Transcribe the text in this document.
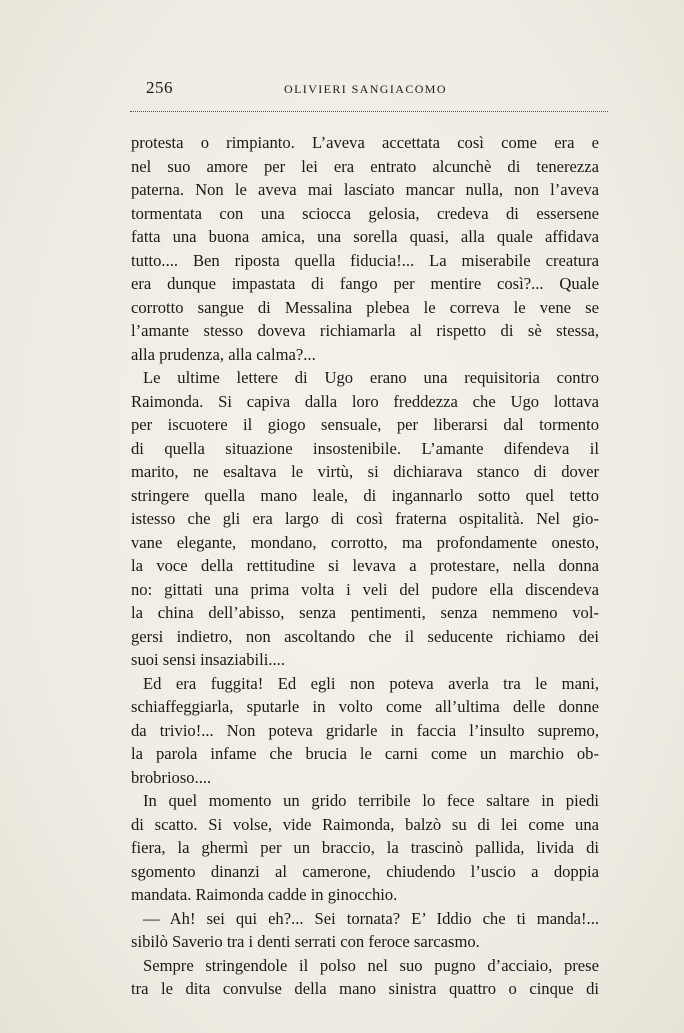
256	OLIVIERI SANGIACOMO
protesta o rimpianto. L’aveva accettata così come era e
nel suo amore per lei era entrato alcunchè di tenerezza
paterna. Non le aveva mai lasciato mancar nulla, non l’aveva
tormentata con una sciocca gelosia, credeva di essersene
fatta una buona amica, una sorella quasi, alla quale affidava
tutto.... Ben riposta quella fiducia!... La miserabile creatura
era dunque impastata di fango per mentire così?... Quale
corrotto sangue di Messalina plebea le correva le vene se
l’amante stesso doveva richiamarla al rispetto di sè stessa,
alla prudenza, alla calma?...
Le ultime lettere di Ugo erano una requisitoria contro
Raimonda. Si capiva dalla loro freddezza che Ugo lottava
per iscuotere il giogo sensuale, per liberarsi dal tormento
di quella situazione insostenibile. L’amante difendeva il
marito, ne esaltava le virtù, si dichiarava stanco di dover
stringere quella mano leale, di ingannarlo sotto quel tetto
istesso che gli era largo di così fraterna ospitalità. Nel gio-
vane elegante, mondano, corrotto, ma profondamente onesto,
la voce della rettitudine si levava a protestare, nella donna
no: gittati una prima volta i veli del pudore ella discendeva
la china dell’abisso, senza pentimenti, senza nemmeno vol-
gersi indietro, non ascoltando che il seducente richiamo dei
suoi sensi insaziabili....
Ed era fuggita! Ed egli non poteva averla tra le mani,
schiaffeggiarla, sputarle in volto come all’ultima delle donne
da trivio!... Non poteva gridarle in faccia l’insulto supremo,
la parola infame che brucia le carni come un marchio ob-
brobrioso....
In quel momento un grido terribile lo fece saltare in piedi
di scatto. Si volse, vide Raimonda, balzò su di lei come una
fiera, la ghermì per un braccio, la trascinò pallida, livida di
sgomento dinanzi al camerone, chiudendo l’uscio a doppia
mandata. Raimonda cadde in ginocchio.
— Ah! sei qui eh?... Sei tornata? E’ Iddio che ti manda!...
sibilò Saverio tra i denti serrati con feroce sarcasmo.
Sempre stringendole il polso nel suo pugno d’acciaio, prese
tra le dita convulse della mano sinistra quattro o cinque di
